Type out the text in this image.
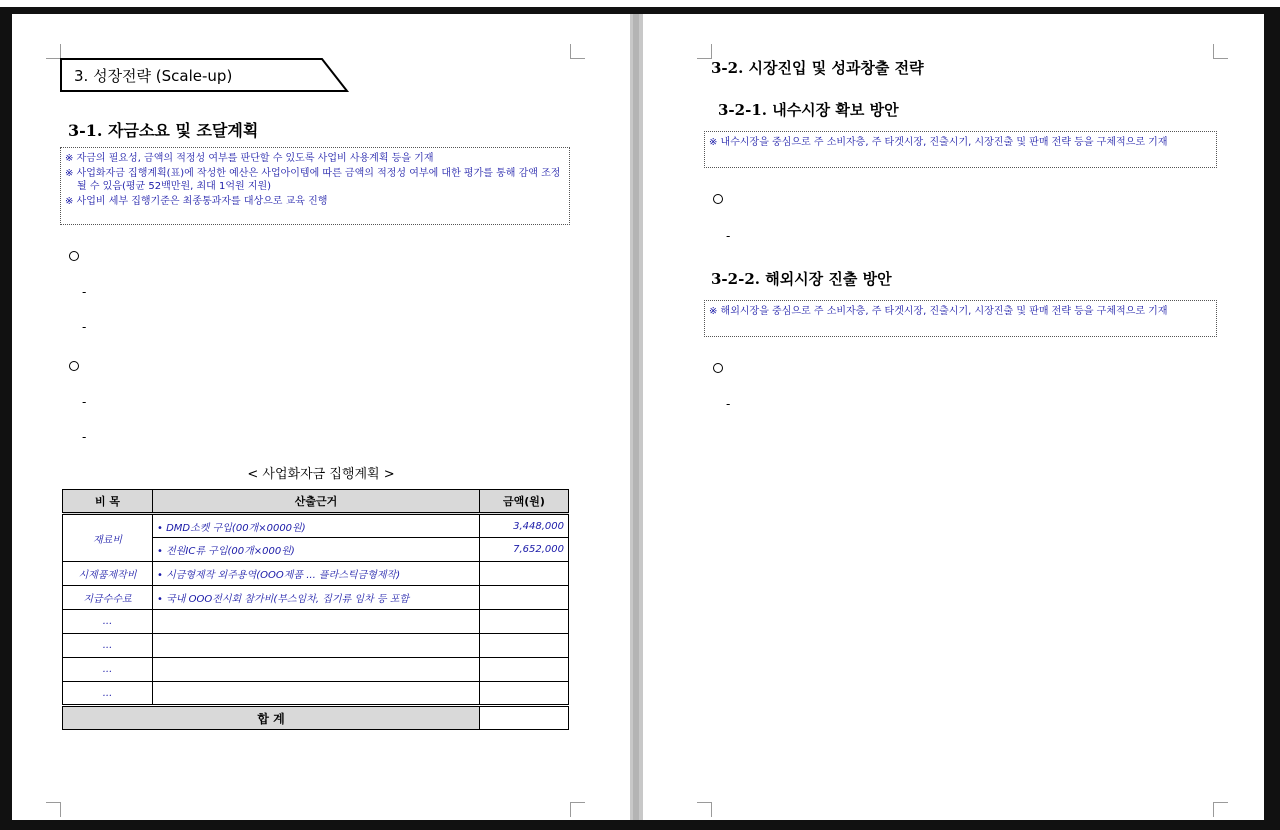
3. 성장전략 (Scale-up)
3-1. 자금소요 및 조달계획

※ 자금의 필요성, 금액의 적정성 여부를 판단할 수 있도록 사업비 사용계획 등을 기재

※ 사업화자금 집행계획(표)에 작성한 예산은 사업아이템에 따른 금액의 적정성 여부에 대한 평가를 통해 감액 조정될 수 있음(평균 52백만원, 최대 1억원 지원)

※ 사업비 세부 집행기준은 최종통과자를 대상으로 교육 진행

-
-
-
-
< 사업화자금 집행계획 >
비 목	산출근거	금액(원)
재료비	• DMD소켓 구입(00개×0000원)	3,448,000
	• 전원IC류 구입(00개×000원)	7,652,000
시제품제작비	• 시금형제작 외주용역(OOO제품 ... 플라스틱금형제작)	
지급수수료	• 국내 OOO전시회 참가비(부스임차, 집기류 임차 등 포함	
...		
...		
...		
...		
합 계		
3-2. 시장진입 및 성과창출 전략
3-2-1. 내수시장 확보 방안

※ 내수시장을 중심으로 주 소비자층, 주 타겟시장, 진출시기, 시장진출 및 판매 전략 등을 구체적으로 기재

-
3-2-2. 해외시장 진출 방안

※ 해외시장을 중심으로 주 소비자층, 주 타겟시장, 진출시기, 시장진출 및 판매 전략 등을 구체적으로 기재

-
